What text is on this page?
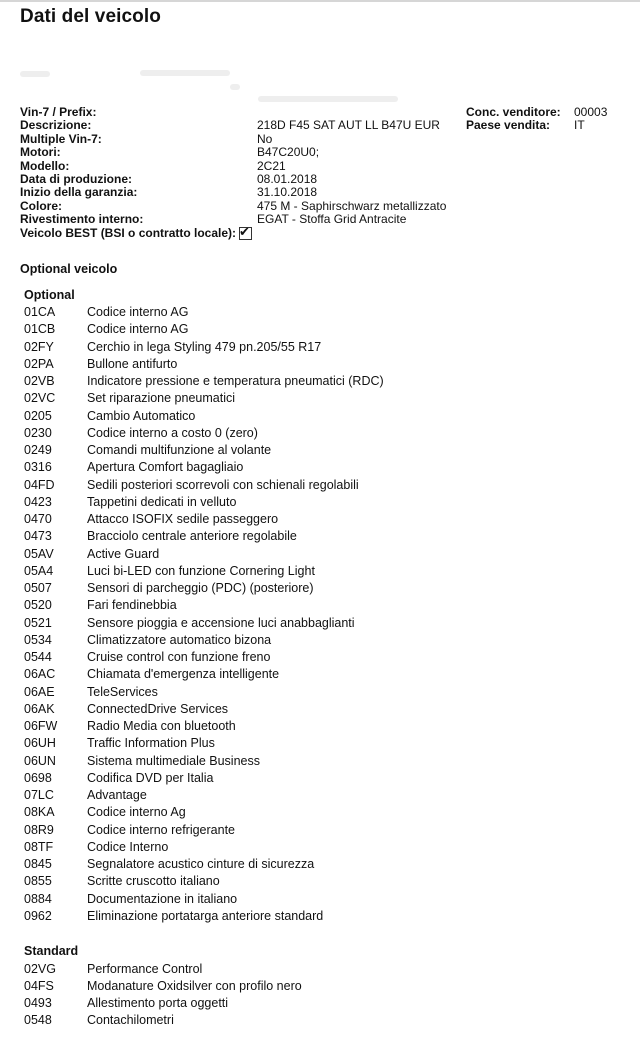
Dati del veicolo
Vin-7 / Prefix:
Descrizione:	218D F45 SAT AUT LL B47U EUR
Multiple Vin-7:	No
Motori:	B47C20U0;
Modello:	2C21
Data di produzione:	08.01.2018
Inizio della garanzia:	31.10.2018
Colore:	475 M - Saphirschwarz metallizzato
Rivestimento interno:	EGAT - Stoffa Grid Antracite
Veicolo BEST (BSI o contratto locale): ✔
Conc. venditore:	00003
Paese vendita:	IT
Optional veicolo
Optional
01CA	Codice interno AG
01CB	Codice interno AG
02FY	Cerchio in lega Styling 479 pn.205/55 R17
02PA	Bullone antifurto
02VB	Indicatore pressione e temperatura pneumatici (RDC)
02VC	Set riparazione pneumatici
0205	Cambio Automatico
0230	Codice interno a costo 0 (zero)
0249	Comandi multifunzione al volante
0316	Apertura Comfort bagagliaio
04FD	Sedili posteriori scorrevoli con schienali regolabili
0423	Tappetini dedicati in velluto
0470	Attacco ISOFIX sedile passeggero
0473	Bracciolo centrale anteriore regolabile
05AV	Active Guard
05A4	Luci bi-LED con funzione Cornering Light
0507	Sensori di parcheggio (PDC) (posteriore)
0520	Fari fendinebbia
0521	Sensore pioggia e accensione luci anabbaglianti
0534	Climatizzatore automatico bizona
0544	Cruise control con funzione freno
06AC	Chiamata d'emergenza intelligente
06AE	TeleServices
06AK	ConnectedDrive Services
06FW	Radio Media con bluetooth
06UH	Traffic Information Plus
06UN	Sistema multimediale Business
0698	Codifica DVD per Italia
07LC	Advantage
08KA	Codice interno Ag
08R9	Codice interno refrigerante
08TF	Codice Interno
0845	Segnalatore acustico cinture di sicurezza
0855	Scritte cruscotto italiano
0884	Documentazione in italiano
0962	Eliminazione portatarga anteriore standard
Standard
02VG	Performance Control
04FS	Modanature Oxidsilver con profilo nero
0493	Allestimento porta oggetti
0548	Contachilometri
